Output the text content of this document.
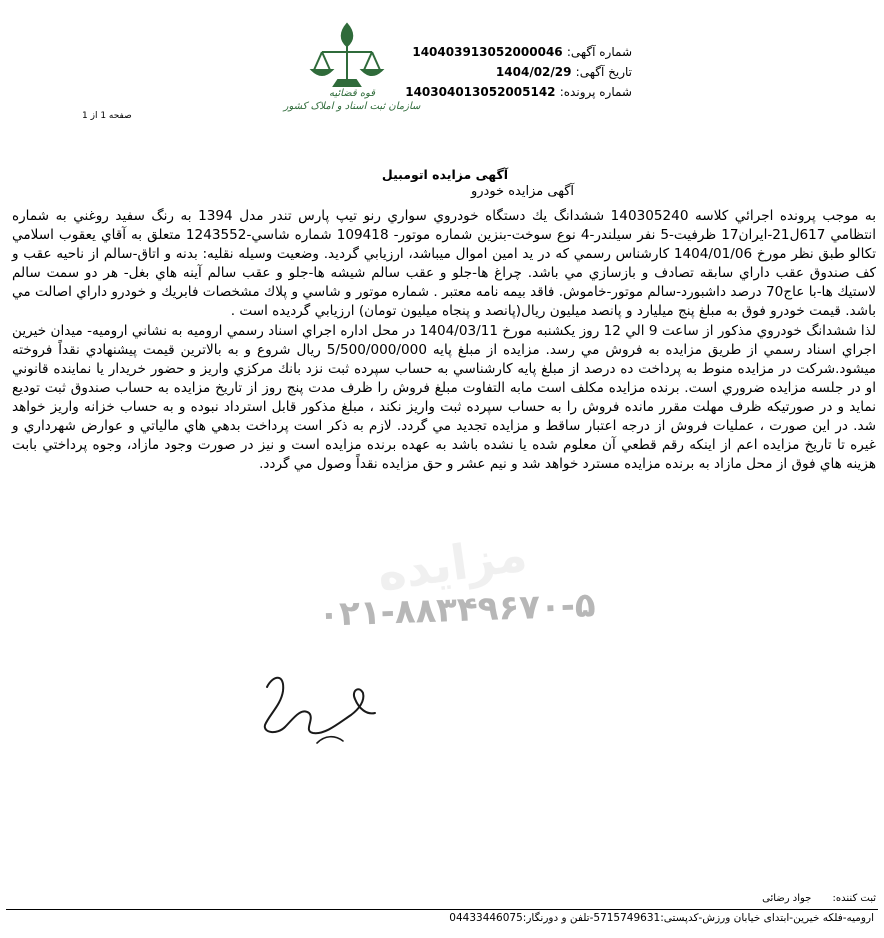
شماره آگهی: 140403913052000046
تاریخ آگهی: 1404/02/29
شماره پرونده: 140304013052005142
قوه قضائیه
سازمان ثبت اسناد و املاک کشور
صفحه 1 از 1
آگهی مزایده اتومبیل
آگهی مزایده خودرو

به موجب پرونده اجرائي کلاسه 140305240 ششدانگ يك دستگاه خودروي سواري رنو تيپ پارس تندر مدل 1394 به رنگ سفيد روغني به شماره انتظامي 617ل21-ايران17 ظرفيت-5 نفر سيلندر-4 نوع سوخت-بنزين شماره موتور- 109418 شماره شاسي-1243552 متعلق به آقاي يعقوب اسلامي تكالو طبق نظر مورخ 1404/01/06 كارشناس رسمي كه در يد امين اموال ميباشد، ارزيابي گرديد. وضعيت وسيله نقليه: بدنه و اتاق-سالم از ناحيه عقب و كف صندوق عقب داراي سابقه تصادف و بازسازي مي باشد. چراغ ها-جلو و عقب سالم شيشه ها-جلو و عقب سالم آينه هاي بغل- هر دو سمت سالم لاستيك ها-با عاج70 درصد داشبورد-سالم موتور-خاموش. فاقد بيمه نامه معتبر . شماره موتور و شاسي و پلاك مشخصات فابريك و خودرو داراي اصالت مي باشد. قيمت خودرو فوق به مبلغ پنج ميليارد و پانصد ميليون ريال(پانصد و پنجاه ميليون تومان) ارزيابي گرديده است .

لذا ششدانگ خودروي مذكور از ساعت 9 الي 12 روز يكشنبه مورخ 1404/03/11 در محل اداره اجراي اسناد رسمي اروميه به نشاني اروميه- ميدان خيرين اجراي اسناد رسمي از طريق مزايده به فروش مي رسد. مزايده از مبلغ پايه 5/500/000/000 ريال شروع و به بالاترين قيمت پيشنهادي نقداً فروخته ميشود.شركت در مزايده منوط به پرداخت ده درصد از مبلغ پايه كارشناسي به حساب سپرده ثبت نزد بانك مركزي واريز و حضور خريدار يا نماينده قانوني او در جلسه مزايده ضروري است. برنده مزايده مكلف است مابه التفاوت مبلغ فروش را ظرف مدت پنج روز از تاريخ مزايده به حساب صندوق ثبت توديع نمايد و در صورتيكه ظرف مهلت مقرر مانده فروش را به حساب سپرده ثبت واريز نكند ، مبلغ مذكور قابل استرداد نبوده و به حساب خزانه واريز خواهد شد. در اين صورت ، عمليات فروش از درجه اعتبار ساقط و مزايده تجديد مي گردد. لازم به ذكر است پرداخت بدهي هاي مالياتي و عوارض شهرداري و غيره تا تاريخ مزايده اعم از اينكه رقم قطعي آن معلوم شده يا نشده باشد به عهده برنده مزايده است و نيز در صورت وجود مازاد، وجوه پرداختي بابت هزينه هاي فوق از محل مازاد به برنده مزايده مسترد خواهد شد و نيم عشر و حق مزايده نقداً وصول مي گردد.

مزایده
۰۲۱-۸۸۳۴۹۶۷۰-۵
ثبت کننده: جواد رضائی
ارومیه-فلکه خیرین-ابتدای خیابان ورزش-کدپستی:5715749631-تلفن و دورنگار:04433446075
